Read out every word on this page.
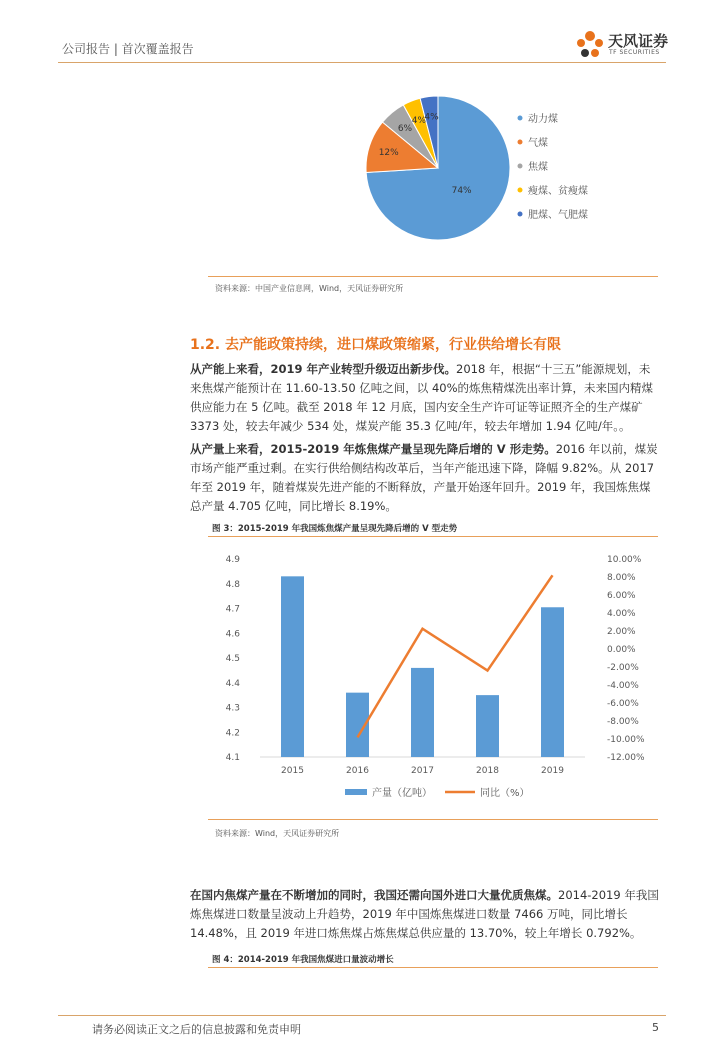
公司报告 | 首次覆盖报告	天风证券
TF SECURITIES
74%
12%
6%
4%
4%	动力煤
气煤
焦煤
瘦煤、贫瘦煤
肥煤、气肥煤
资料来源：中国产业信息网，Wind，天风证券研究所
1.2. 去产能政策持续，进口煤政策缩紧，行业供给增长有限
从产能上来看，2019 年产业转型升级迈出新步伐。2018 年，根据“十三五”能源规划，未来焦煤产能预计在 11.60-13.50 亿吨之间，以 40%的炼焦精煤洗出率计算，未来国内精煤供应能力在 5 亿吨。截至 2018 年 12 月底，国内安全生产许可证等证照齐全的生产煤矿 3373 处，较去年减少 534 处，煤炭产能 35.3 亿吨/年，较去年增加 1.94 亿吨/年。。
从产量上来看，2015-2019 年炼焦煤产量呈现先降后增的 V 形走势。2016 年以前，煤炭市场产能严重过剩。在实行供给侧结构改革后，当年产能迅速下降，降幅 9.82%。从 2017 年至 2019 年，随着煤炭先进产能的不断释放，产量开始逐年回升。2019 年，我国炼焦煤总产量 4.705 亿吨，同比增长 8.19%。
图 3：2015-2019 年我国炼焦煤产量呈现先降后增的 V 型走势
4.1
4.2
4.3
4.4
4.5
4.6
4.7
4.8
4.9
-12.00%
-10.00%
-8.00%
-6.00%
-4.00%
-2.00%
0.00%
2.00%
4.00%
6.00%
8.00%
10.00%
2015	2016	2017	2018	2019
产量（亿吨）	同比（%）
资料来源：Wind，天风证券研究所
在国内焦煤产量在不断增加的同时，我国还需向国外进口大量优质焦煤。2014-2019 年我国炼焦煤进口数量呈波动上升趋势，2019 年中国炼焦煤进口数量 7466 万吨，同比增长 14.48%，且 2019 年进口炼焦煤占炼焦煤总供应量的 13.70%，较上年增长 0.792%。
图 4：2014-2019 年我国焦煤进口量波动增长
请务必阅读正文之后的信息披露和免责申明	5
